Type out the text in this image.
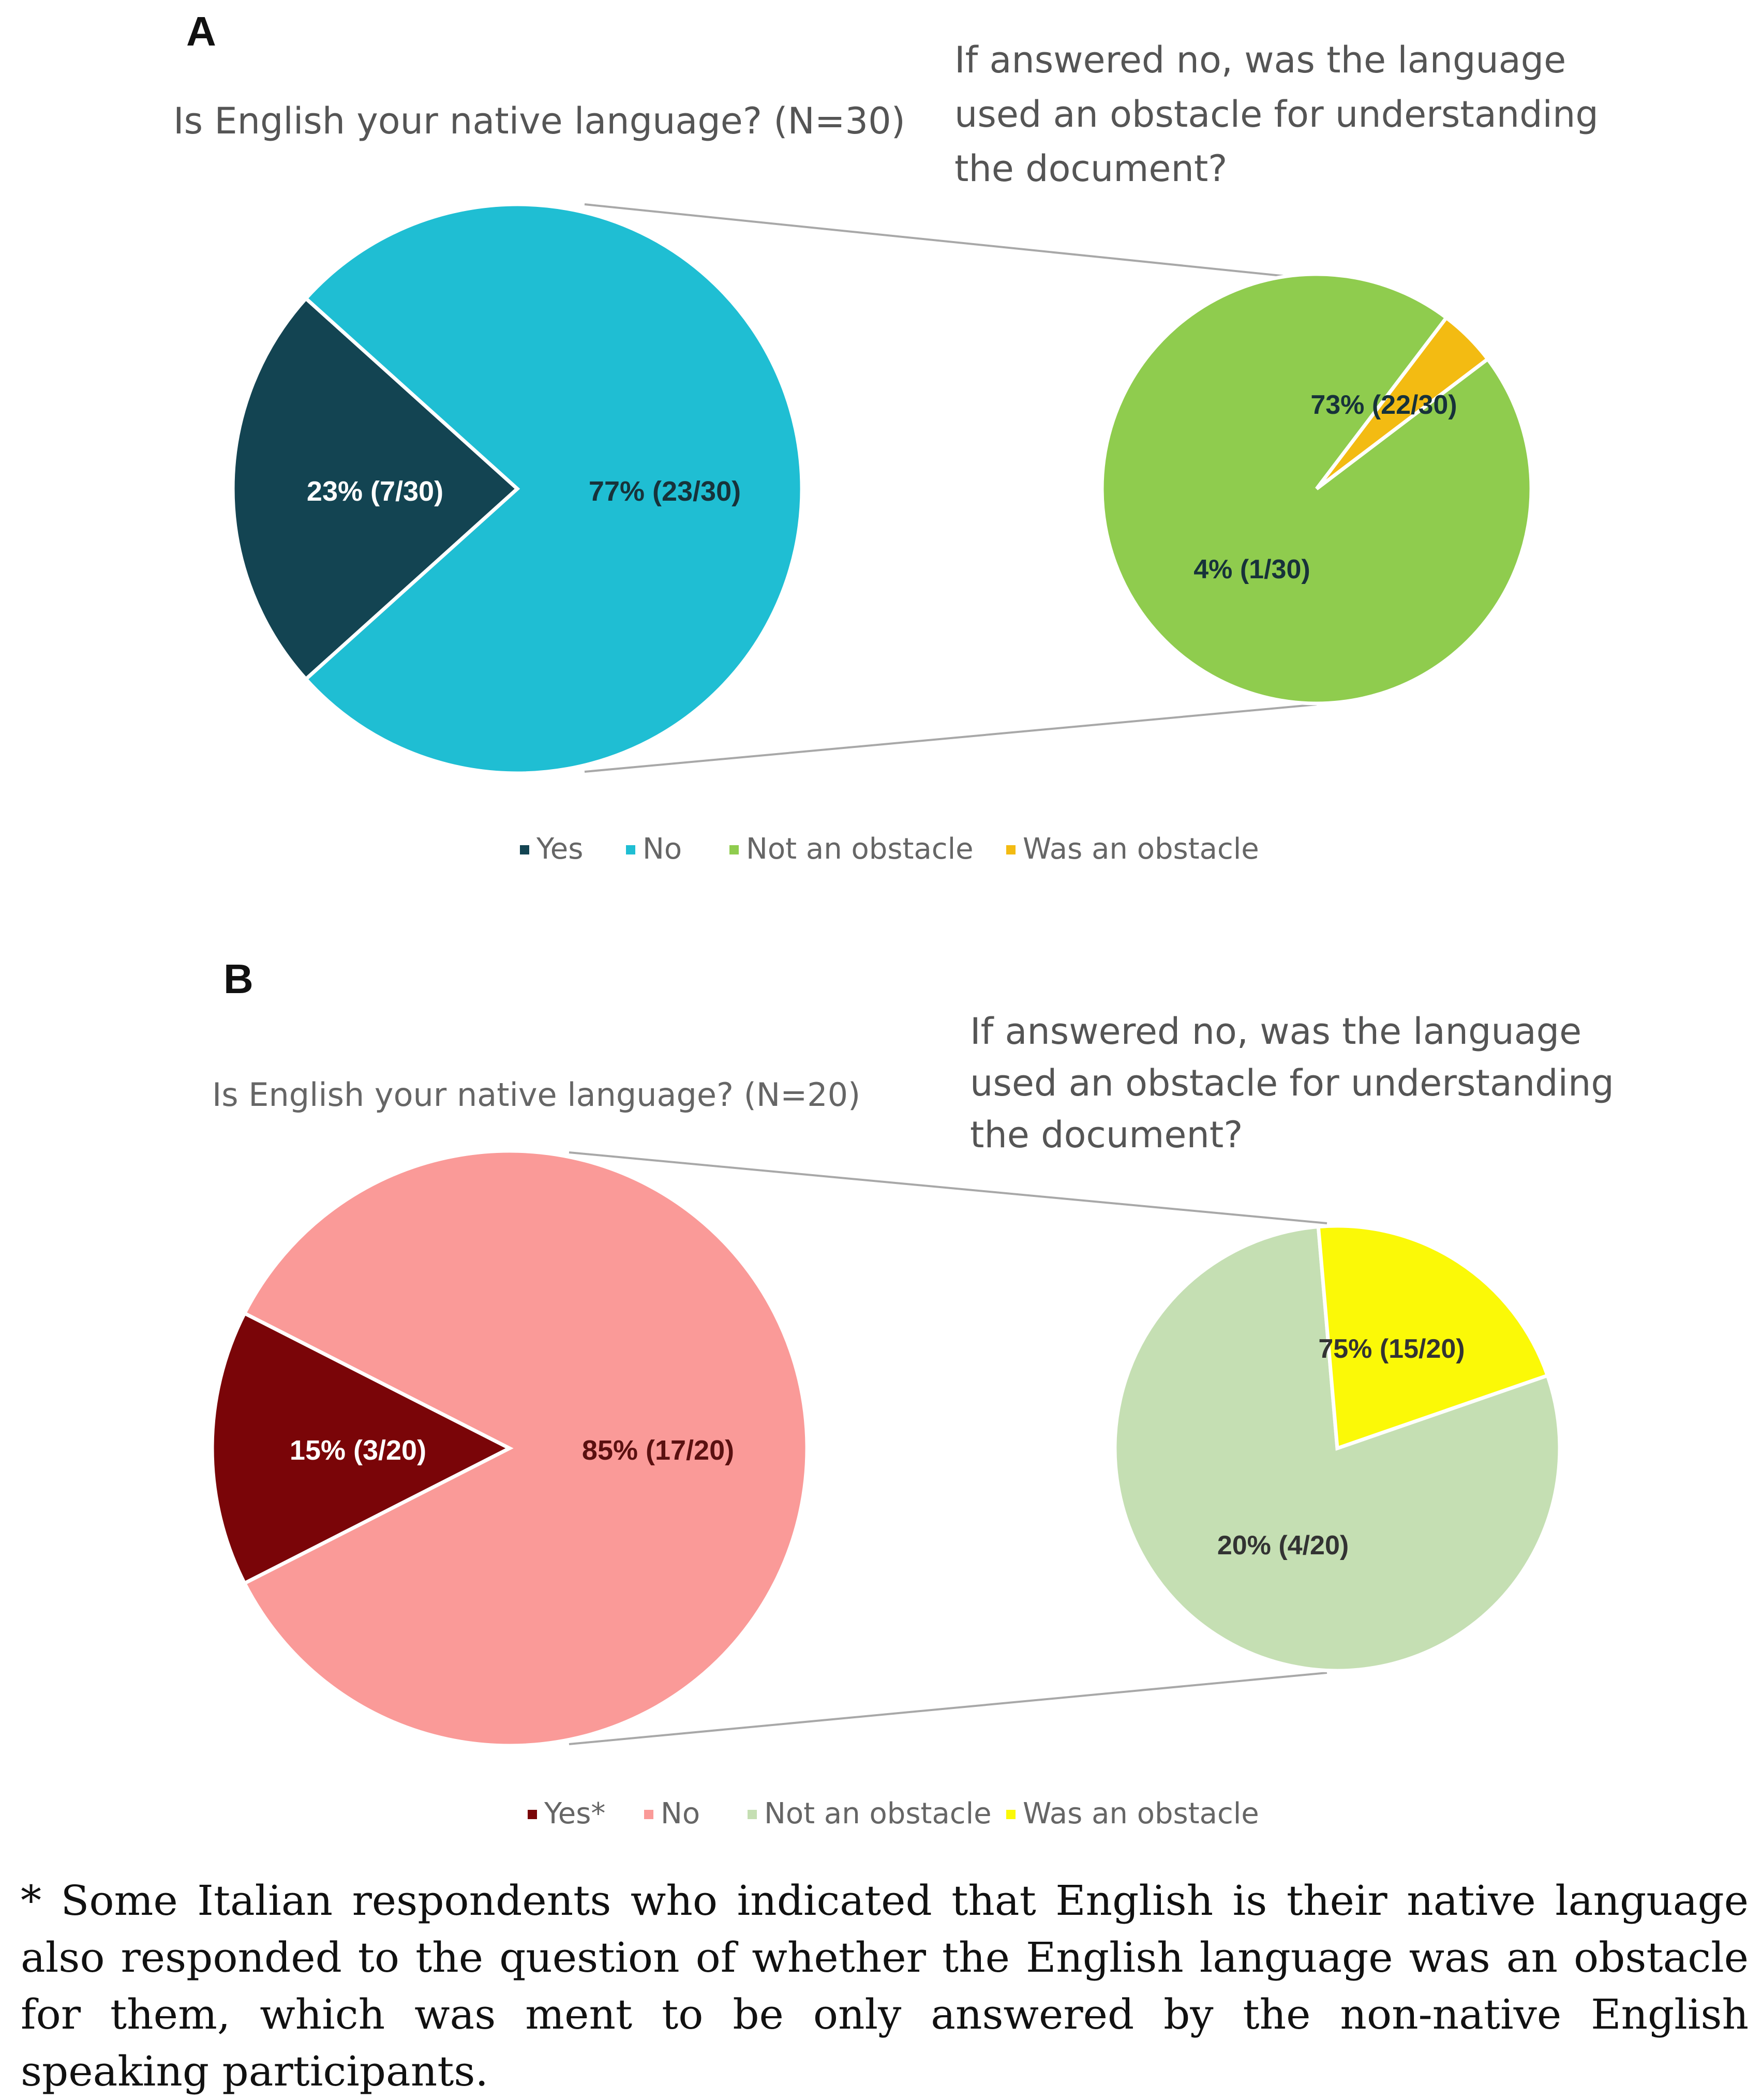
A
Is English your native language? (N=30)
If answered no, was the language
used an obstacle for understanding
the document?
23% (7/30)	77% (23/30)
73% (22/30)
4% (1/30)
Yes No Not an obstacle Was an obstacle
B
Is English your native language? (N=20)
If answered no, was the language
used an obstacle for understanding
the document?
15% (3/20)	85% (17/20)
75% (15/20)
20% (4/20)
Yes* No Not an obstacle Was an obstacle
* Some Italian respondents who indicated that English is their native language also responded to the question of whether the English language was an obstacle for them, which was ment to be only answered by the non-native English speaking participants.
